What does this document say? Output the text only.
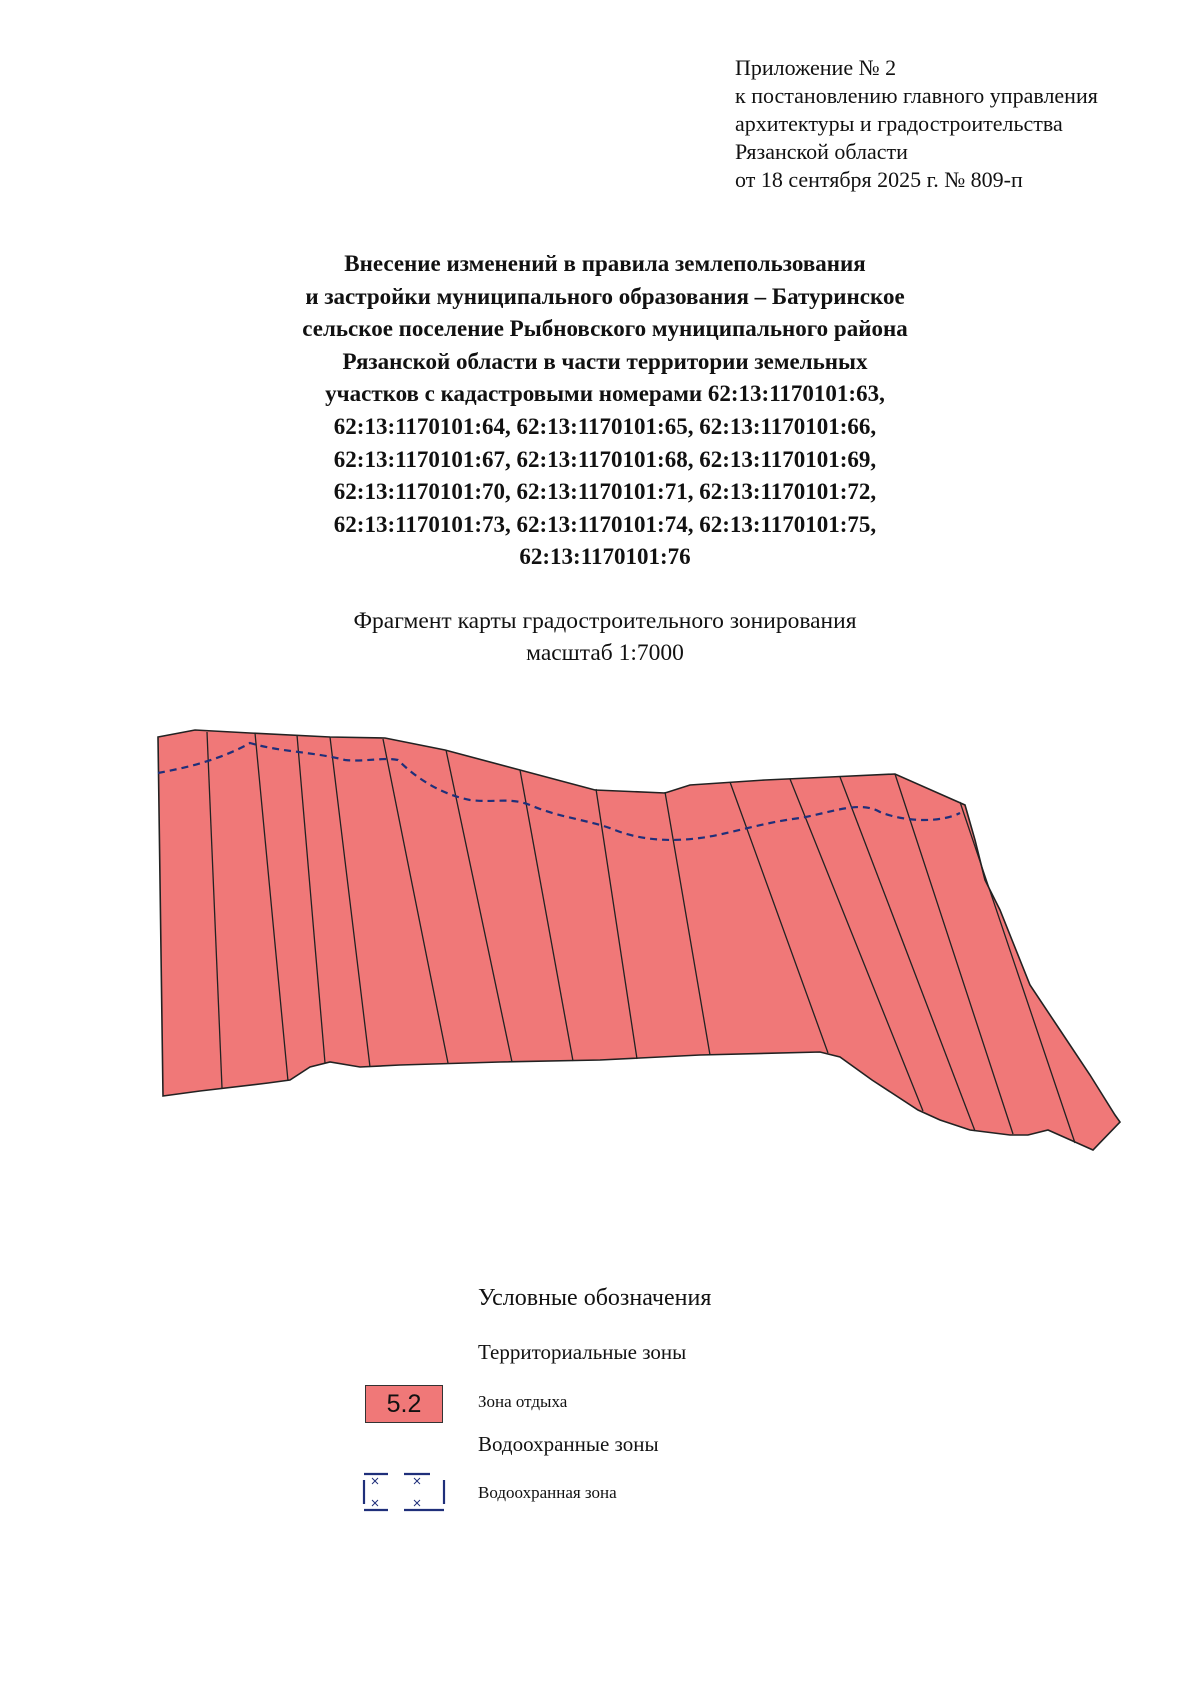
Приложение № 2
к постановлению главного управления
архитектуры и градостроительства
Рязанской области
от 18 сентября 2025 г. № 809-п
Внесение изменений в правила землепользования
и застройки муниципального образования – Батуринское
сельское поселение Рыбновского муниципального района
Рязанской области в части территории земельных
участков с кадастровыми номерами 62:13:1170101:63,
62:13:1170101:64, 62:13:1170101:65, 62:13:1170101:66,
62:13:1170101:67, 62:13:1170101:68, 62:13:1170101:69,
62:13:1170101:70, 62:13:1170101:71, 62:13:1170101:72,
62:13:1170101:73, 62:13:1170101:74, 62:13:1170101:75,
62:13:1170101:76
Фрагмент карты градостроительного зонирования
масштаб 1:7000
Условные обозначения
Территориальные зоны
5.2	Зона отдыха
Водоохранные зоны
Водоохранная зона
